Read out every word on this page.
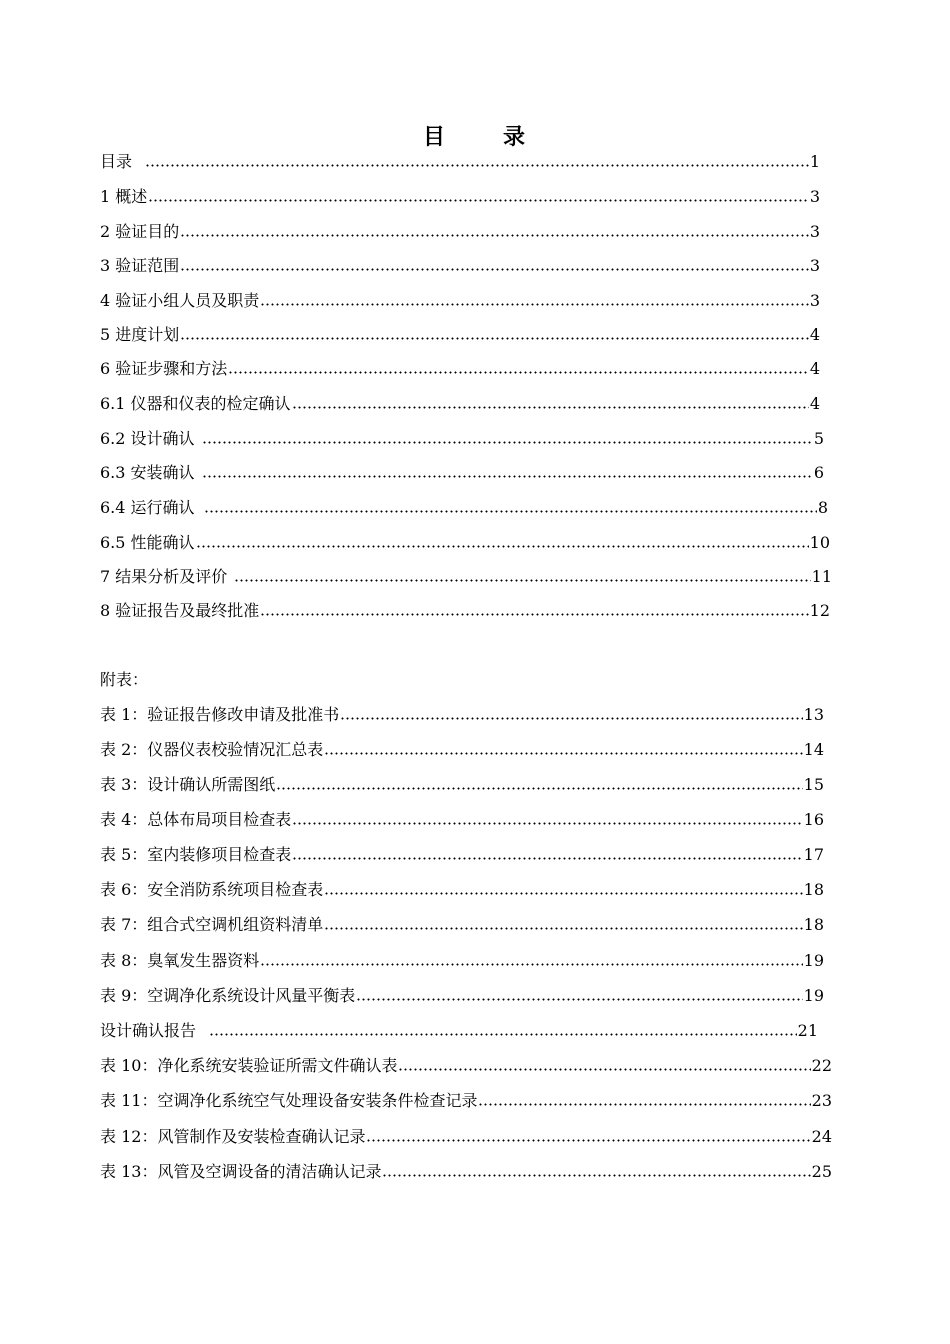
目　录
目录	1
1 概述	3
2 验证目的	3
3 验证范围	3
4 验证小组人员及职责	3
5 进度计划	4
6 验证步骤和方法	4
6.1 仪器和仪表的检定确认	4
6.2 设计确认	5
6.3 安装确认	6
6.4 运行确认	8
6.5 性能确认	10
7 结果分析及评价	11
8 验证报告及最终批准	12
附表：
表 1：验证报告修改申请及批准书	13
表 2：仪器仪表校验情况汇总表	14
表 3：设计确认所需图纸	15
表 4：总体布局项目检查表	16
表 5：室内装修项目检查表	17
表 6：安全消防系统项目检查表	18
表 7：组合式空调机组资料清单	18
表 8：臭氧发生器资料	19
表 9：空调净化系统设计风量平衡表	19
设计确认报告	21
表 10：净化系统安装验证所需文件确认表	22
表 11：空调净化系统空气处理设备安装条件检查记录	23
表 12：风管制作及安装检查确认记录	24
表 13：风管及空调设备的清洁确认记录	25
